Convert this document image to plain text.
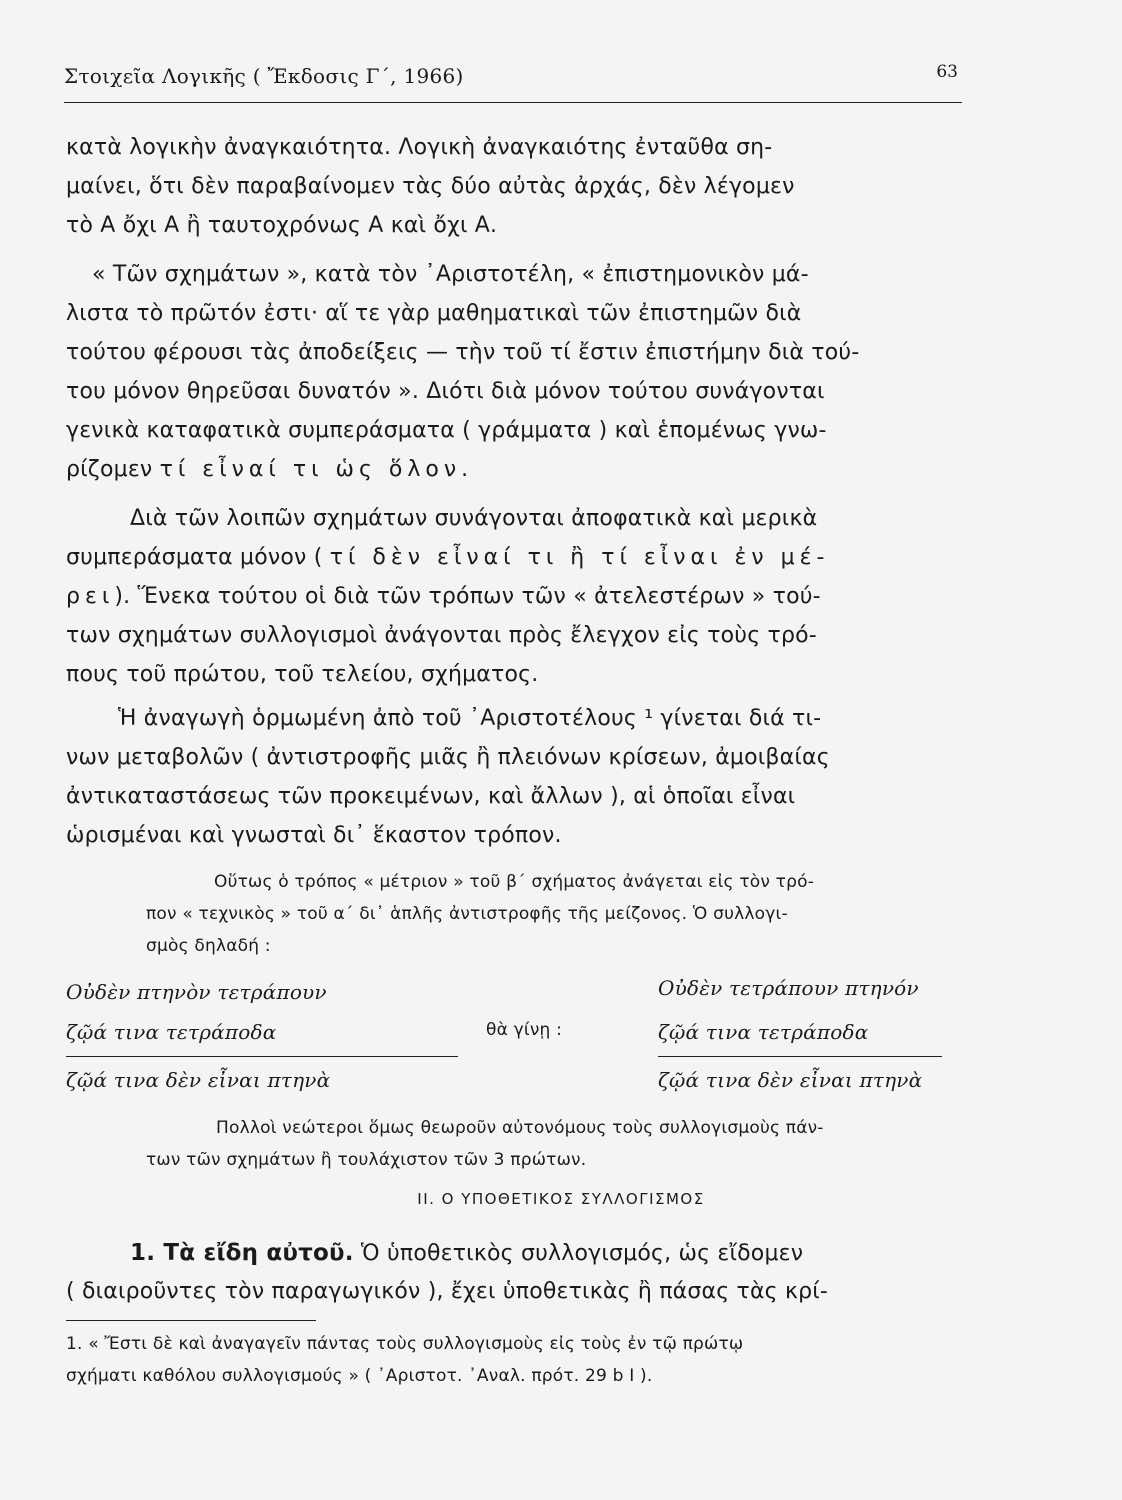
Στοιχεῖα Λογικῆς ( Ἔκδοσις Γ΄, 1966)	63
κατὰ λογικὴν ἀναγκαιότητα. Λογικὴ ἀναγκαιότης ἐνταῦθα ση-
μαίνει, ὅτι δὲν παραβαίνομεν τὰς δύο αὐτὰς ἀρχάς, δὲν λέγομεν
τὸ Α ὄχι Α ἢ ταυτοχρόνως Α καὶ ὄχι Α.
« Τῶν σχημάτων », κατὰ τὸν ᾿Αριστοτέλη, « ἐπιστημονικὸν μά-
λιστα τὸ πρῶτόν ἐστι· αἵ τε γὰρ μαθηματικαὶ τῶν ἐπιστημῶν διὰ
τούτου φέρουσι τὰς ἀποδείξεις — τὴν τοῦ τί ἔστιν ἐπιστήμην διὰ τού-
του μόνον θηρεῦσαι δυνατόν ». Διότι διὰ μόνον τούτου συνάγονται
γενικὰ καταφατικὰ συμπεράσματα ( γράμματα ) καὶ ἑπομένως γνω-
ρίζομεν τί εἶναί τι ὡς ὅλον.
Διὰ τῶν λοιπῶν σχημάτων συνάγονται ἀποφατικὰ καὶ μερικὰ
συμπεράσματα μόνον ( τί δὲν εἶναί τι ἢ τί εἶναι ἐν μέ-
ρει). Ἕνεκα τούτου οἱ διὰ τῶν τρόπων τῶν « ἀτελεστέρων » τού-
των σχημάτων συλλογισμοὶ ἀνάγονται πρὸς ἔλεγχον εἰς τοὺς τρό-
πους τοῦ πρώτου, τοῦ τελείου, σχήματος.
Ἡ ἀναγωγὴ ὁρμωμένη ἀπὸ τοῦ ᾿Αριστοτέλους ¹ γίνεται διά τι-
νων μεταβολῶν ( ἀντιστροφῆς μιᾶς ἢ πλειόνων κρίσεων, ἀμοιβαίας
ἀντικαταστάσεως τῶν προκειμένων, καὶ ἄλλων ), αἱ ὁποῖαι εἶναι
ὡρισμέναι καὶ γνωσταὶ δι᾿ ἕκαστον τρόπον.
Οὕτως ὁ τρόπος « μέτριον » τοῦ β΄ σχήματος ἀνάγεται εἰς τὸν τρό-
πον « τεχνικὸς » τοῦ α΄ δι᾿ ἁπλῆς ἀντιστροφῆς τῆς μείζονος. Ὁ συλλογι-
σμὸς δηλαδή :
Οὐδὲν πτηνὸν τετράπουν
ζῷά τινα τετράποδα
ζῷά τινα δὲν εἶναι πτηνὰ
θὰ γίνῃ :
Οὐδὲν τετράπουν πτηνόν
ζῷά τινα τετράποδα
ζῷά τινα δὲν εἶναι πτηνὰ
Πολλοὶ νεώτεροι ὅμως θεωροῦν αὐτονόμους τοὺς συλλογισμοὺς πάν-
των τῶν σχημάτων ἢ τουλάχιστον τῶν 3 πρώτων.
ΙΙ. Ο ΥΠΟΘΕΤΙΚΟΣ ΣΥΛΛΟΓΙΣΜΟΣ
1. Τὰ εἴδη αὐτοῦ. Ὁ ὑποθετικὸς συλλογισμός, ὡς εἴδομεν
( διαιροῦντες τὸν παραγωγικόν ), ἔχει ὑποθετικὰς ἢ πάσας τὰς κρί-
1. « Ἔστι δὲ καὶ ἀναγαγεῖν πάντας τοὺς συλλογισμοὺς εἰς τοὺς ἐν τῷ πρώτῳ
σχήματι καθόλου συλλογισμούς » ( ᾿Αριστοτ. ᾿Αναλ. πρότ. 29 b I ).
